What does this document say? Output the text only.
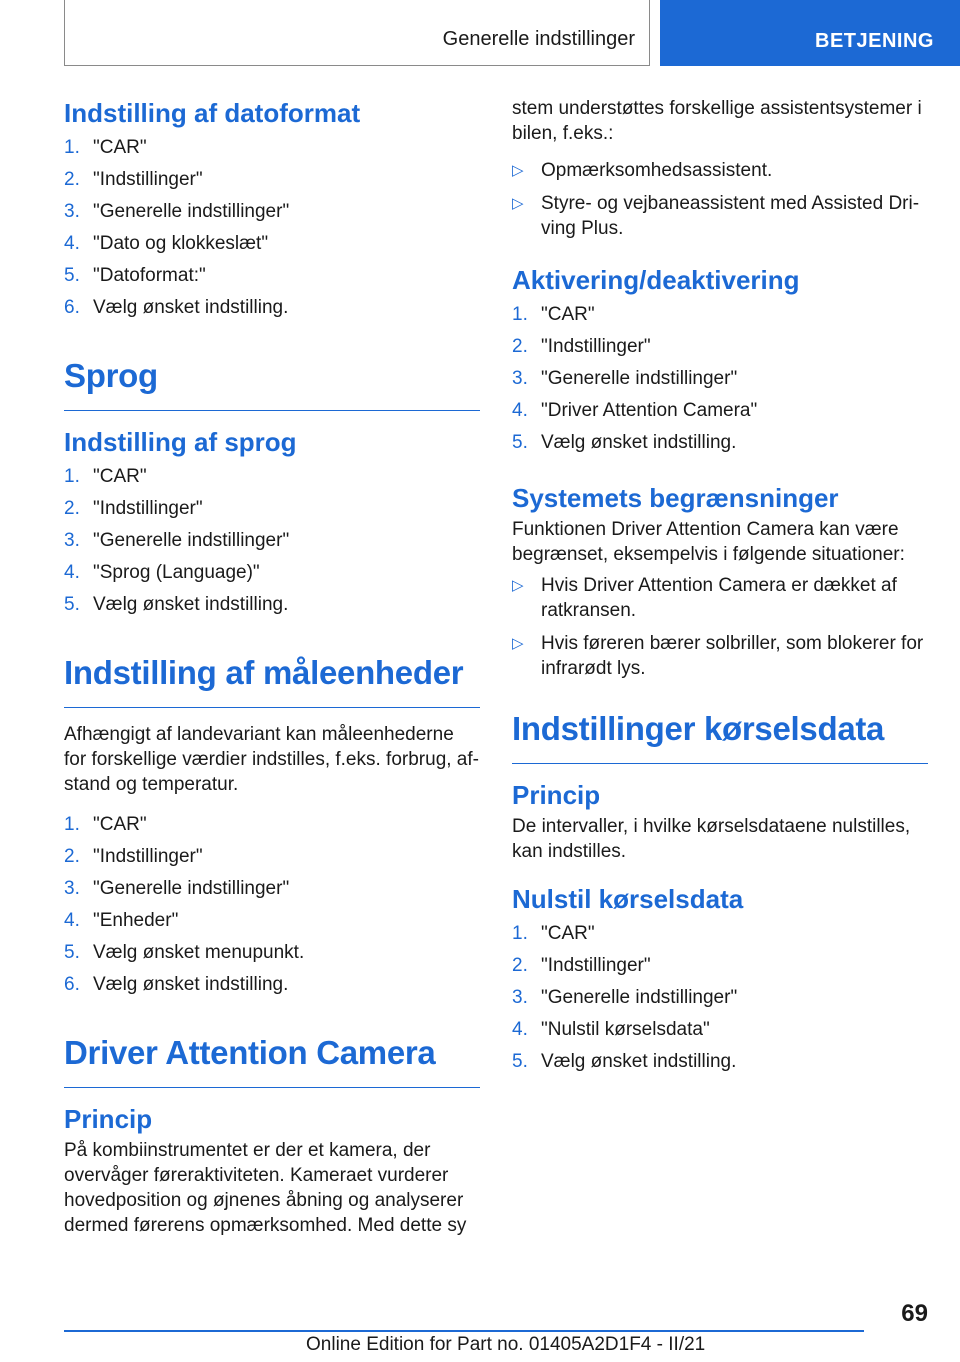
Generelle indstillinger	BETJENING
Indstilling af datoformat
1. "CAR"
2. "Indstillinger"
3. "Generelle indstillinger"
4. "Dato og klokkeslæt"
5. "Datoformat:"
6. Vælg ønsket indstilling.
Sprog
Indstilling af sprog
1. "CAR"
2. "Indstillinger"
3. "Generelle indstillinger"
4. "Sprog (Language)"
5. Vælg ønsket indstilling.
Indstilling af måleenheder

Afhængigt af landevariant kan måleenhederne for forskellige værdier indstilles, f.eks. forbrug, afstand og temperatur.

1. "CAR"
2. "Indstillinger"
3. "Generelle indstillinger"
4. "Enheder"
5. Vælg ønsket menupunkt.
6. Vælg ønsket indstilling.
Driver Attention Camera
Princip

På kombiinstrumentet er der et kamera, der overvåger føreraktiviteten. Kameraet vurderer hovedposition og øjnenes åbning og analyserer dermed førerens opmærksomhed. Med dette sy

stem understøttes forskellige assistentsystemer i bilen, f.eks.:

▷ Opmærksomhedsassistent.
▷ Styre- og vejbaneassistent med Assisted Driving Plus.
Aktivering/deaktivering
1. "CAR"
2. "Indstillinger"
3. "Generelle indstillinger"
4. "Driver Attention Camera"
5. Vælg ønsket indstilling.
Systemets begrænsninger

Funktionen Driver Attention Camera kan være begrænset, eksempelvis i følgende situationer:

▷ Hvis Driver Attention Camera er dækket af ratkransen.
▷ Hvis føreren bærer solbriller, som blokerer for infrarødt lys.
Indstillinger kørselsdata
Princip

De intervaller, i hvilke kørselsdataene nulstilles, kan indstilles.

Nulstil kørselsdata
1. "CAR"
2. "Indstillinger"
3. "Generelle indstillinger"
4. "Nulstil kørselsdata"
5. Vælg ønsket indstilling.
69
Online Edition for Part no. 01405A2D1F4 - II/21
